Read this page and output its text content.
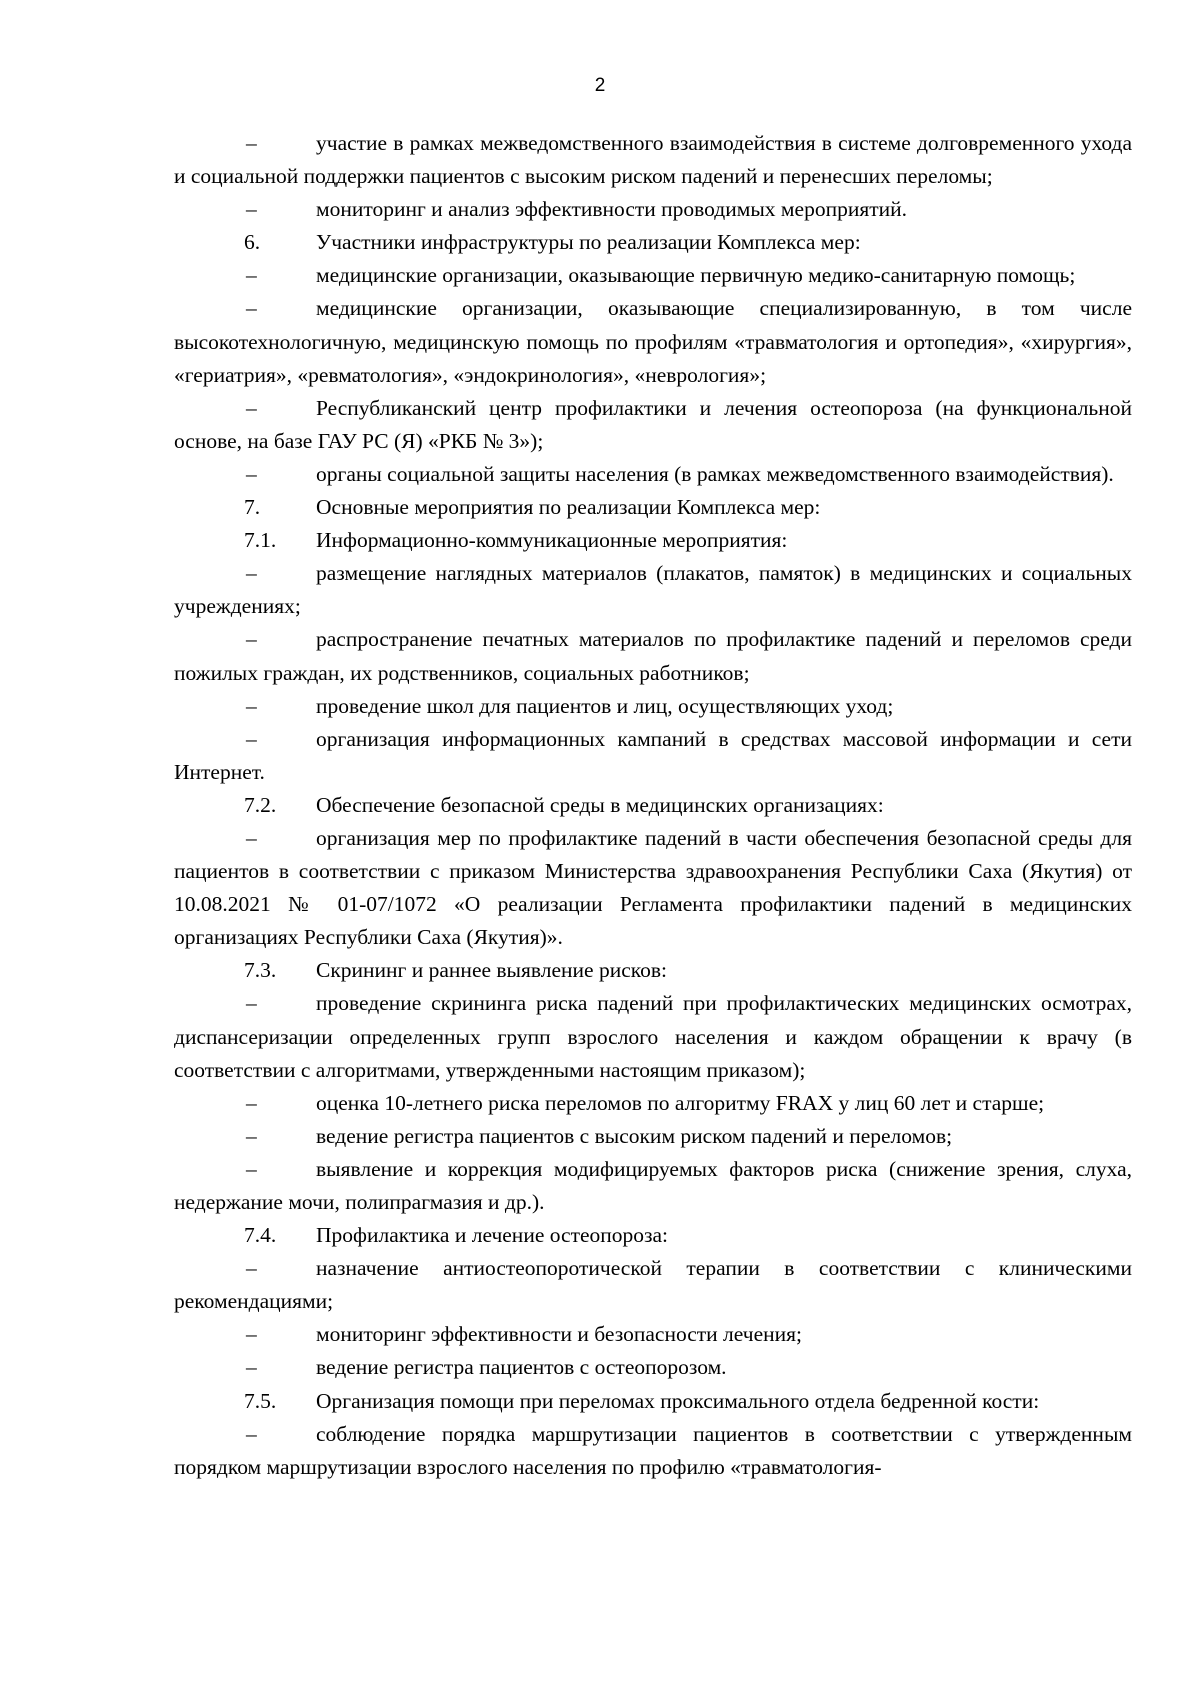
2

–	участие в рамках межведомственного взаимодействия в системе долговременного ухода и социальной поддержки пациентов с высоким риском падений и перенесших переломы;

–	мониторинг и анализ эффективности проводимых мероприятий.

6.	Участники инфраструктуры по реализации Комплекса мер:

–	медицинские организации, оказывающие первичную медико-санитарную помощь;

–	медицинские организации, оказывающие специализированную, в том числе высокотехнологичную, медицинскую помощь по профилям «травматология и ортопедия», «хирургия», «гериатрия», «ревматология», «эндокринология», «неврология»;

–	Республиканский центр профилактики и лечения остеопороза (на функциональной основе, на базе ГАУ РС (Я) «РКБ № 3»);

–	органы социальной защиты населения (в рамках межведомственного взаимодействия).

7.	Основные мероприятия по реализации Комплекса мер:

7.1. Информационно-коммуникационные мероприятия:

–	размещение наглядных материалов (плакатов, памяток) в медицинских и социальных учреждениях;

–	распространение печатных материалов по профилактике падений и переломов среди пожилых граждан, их родственников, социальных работников;

–	проведение школ для пациентов и лиц, осуществляющих уход;

–	организация информационных кампаний в средствах массовой информации и сети Интернет.

7.2. Обеспечение безопасной среды в медицинских организациях:

–	организация мер по профилактике падений в части обеспечения безопасной среды для пациентов в соответствии с приказом Министерства здравоохранения Республики Саха (Якутия) от 10.08.2021 № 01-07/1072 «О реализации Регламента профилактики падений в медицинских организациях Республики Саха (Якутия)».

7.3. Скрининг и раннее выявление рисков:

–	проведение скрининга риска падений при профилактических медицинских осмотрах, диспансеризации определенных групп взрослого населения и каждом обращении к врачу (в соответствии с алгоритмами, утвержденными настоящим приказом);

–	оценка 10-летнего риска переломов по алгоритму FRAX у лиц 60 лет и старше;

–	ведение регистра пациентов с высоким риском падений и переломов;

–	выявление и коррекция модифицируемых факторов риска (снижение зрения, слуха, недержание мочи, полипрагмазия и др.).

7.4. Профилактика и лечение остеопороза:

–	назначение антиостеопоротической терапии в соответствии с клиническими рекомендациями;

–	мониторинг эффективности и безопасности лечения;

–	ведение регистра пациентов с остеопорозом.

7.5. Организация помощи при переломах проксимального отдела бедренной кости:

–	соблюдение порядка маршрутизации пациентов в соответствии с утвержденным порядком маршрутизации взрослого населения по профилю «травматология-
